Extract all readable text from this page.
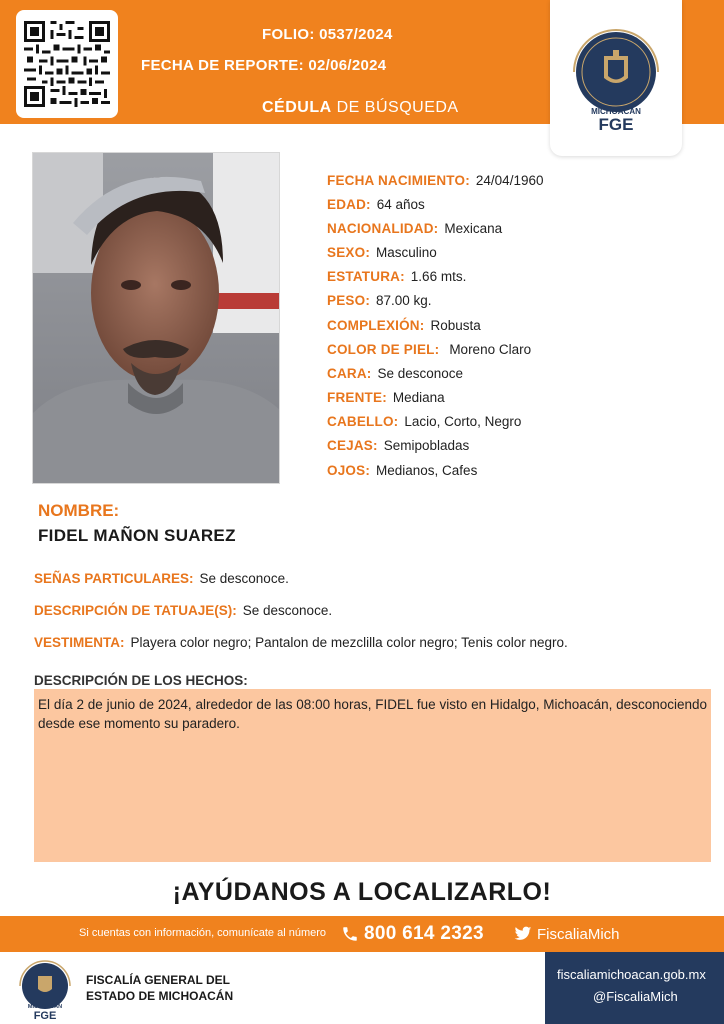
FOLIO: 0537/2024
FECHA DE REPORTE: 02/06/2024
CÉDULA DE BÚSQUEDA	MICHOACÁN
FGE
FECHA NACIMIENTO: 24/04/1960
EDAD: 64 años
NACIONALIDAD: Mexicana
SEXO: Masculino
ESTATURA: 1.66 mts.
PESO: 87.00 kg.
COMPLEXIÓN: Robusta
COLOR DE PIEL: Moreno Claro
CARA: Se desconoce
FRENTE: Mediana
CABELLO: Lacio, Corto, Negro
CEJAS: Semipobladas
OJOS: Medianos, Cafes
NOMBRE:
FIDEL MAÑON SUAREZ
SEÑAS PARTICULARES: Se desconoce.
DESCRIPCIÓN DE TATUAJE(S): Se desconoce.
VESTIMENTA: Playera color negro; Pantalon de mezclilla color negro; Tenis color negro.
DESCRIPCIÓN DE LOS HECHOS:
El día 2 de junio de 2024, alrededor de las 08:00 horas, FIDEL fue visto en Hidalgo, Michoacán, desconociendo desde ese momento su paradero.
¡AYÚDANOS A LOCALIZARLO!
Si cuentas con información, comunícate al número 800 614 2323	FiscaliaMich
MICHOACÁN
FGE
FISCALÍA GENERAL DEL
ESTADO DE MICHOACÁN
fiscaliamichoacan.gob.mx
@FiscaliaMich
